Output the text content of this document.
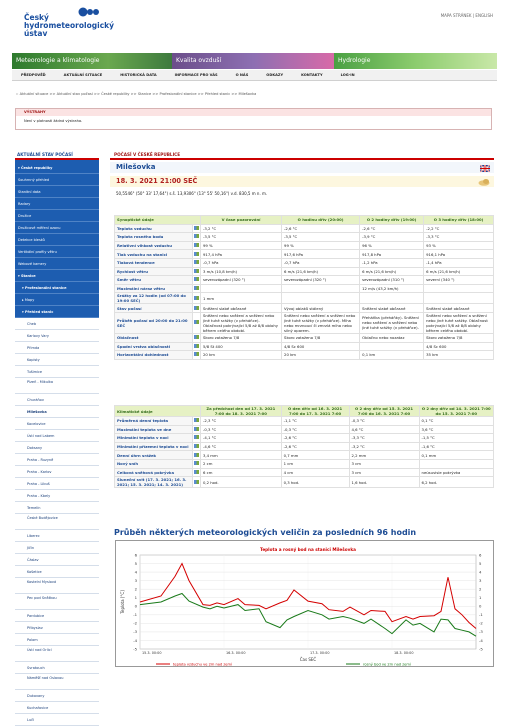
Český
hydrometeorologický
ústav
MAPA STRÁNEK | ENGLISH
Meteorologie a klimatologie	Kvalita ovzduší	Hydrologie
PŘEDPOVĚĎ	AKTUÁLNÍ SITUACE	HISTORICKÁ DATA	INFORMACE PRO VÁS	O NÁS	ODKAZY	KONTAKTY	LOG-IN
:: Aktuální situace >> Aktuální stav počasí >> České republiky >> Stanice >> Profesionální stanice >> Přehled stanic >> Milešovka
VÝSTRAHY
Není v platnosti žádná výstraha.
AKTUÁLNÍ STAV POČASÍ
▾ České republiky
Souhrnný přehled
Stanitní data
Radary
Družice
Družicové měření ozonu
Detekce blesků
Vertikální profily větru
Webové kamery
▾ Stanice
▾ Profesionální stanice
▸ Mapy
▾ Přehled stanic
Cheb
Karlovy Vary
Přimda
Kopisty
Tušimice
Plzeň - Mikulka
Churáňov
Milešovka
Kocelovice
Ústí nad Labem
Doksany
Praha - Ruzyně
Praha - Karlov
Praha - Libuš
Praha - Kbely
Temelín
České Budějovice
Liberec
Jičín
Čáslav
Košetice
Kostelní Myslová
Pec pod Sněžkou
Pardubice
Přibyslav
Polom
Ústí nad Orlicí
Svratouch
Náměšť nad Oslavou
Dukovany
Kuchařovice
Lučí
POČASÍ V ČESKÉ REPUBLICE
Milešovka
18. 3. 2021 21:00 SEČ
50,5546° (50° 33' 17,64") s.š. 13,9306° (13° 55' 50,16") v.d. 830,5 m n. m.
Synoptické údaje		V čase pozorování	O hodinu dřív (20:00)	O 2 hodiny dřív (19:00)	O 3 hodiny dřív (18:00)
Teplota vzduchu		-3,2 °C	-2,6 °C	-2,6 °C	-2,2 °C
Teplota rosného bodu		-3,5 °C	-3,5 °C	-3,9 °C	-3,3 °C
Relativní vlhkost vzduchu		99 %	99 %	96 %	93 %
Tlak vzduchu na stanici		917,4 hPa	917,6 hPa	917,8 hPa	916,1 hPa
Tlaková tendence		-0,7 hPa	-0,7 hPa	-1,2 hPa	-1,4 hPa
Rychlost větru		3 m/s (10,8 km/h)	6 m/s (21,6 km/h)	6 m/s (21,6 km/h)	6 m/s (21,6 km/h)
Směr větru		severozápadní (320 °)	severozápadní (320 °)	severozápadní (310 °)	severní (340 °)
Maximální náraz větru				12 m/s (43,2 km/h)	
Srážky za 12 hodin (od 07:00 do 19:00 SEČ)		1 mm			
Stav počasí		Sněžení slabé občasné	Vývoj oblaků stálený	Sněžení slabé občasné	Sněžení slabé občasné
Průběh počasí od 20:00 do 21:00 SEČ		Sněžení nebo sněžení a sněžení nebo jiné tuhé srážky (v přeháňce). Oblačnost pokrývající 5/8 až 8/8 oblohy během celého období.	Sněžení nebo sněžení a sněžení nebo jiné tuhé srážky (v přeháňce). Mlha nebo mrznoucí či zmrzlá mlha nebo silný oparem.	Přeháňka (přeháňky). Sněžení nebo sněžení a sněžení nebo jiné tuhé srážky (v přeháňce).	Sněžení nebo sněžení a sněžení nebo jiné tuhé srážky. Oblačnost pokrývající 5/8 až 8/8 oblohy během celého období.
Oblačnost		Skoro zataženo 7/8	Skoro zataženo 7/8	Oblačno nebo nozataz	Skoro zataženo 7/8
Spodní vrstva oblačnosti		5/8 St 400	4/8 Sc 600		4/8 Sc 600
Horizontální dohlednost		20 km	20 km	0,1 km	35 km
Klimatické údaje		Za předchozí den od 17. 3. 2021 7:00 do 18. 3. 2021 7:00	O den dřív od 16. 3. 2021 7:00 do 17. 3. 2021 7:00	O 2 dny dřív od 15. 3. 2021 7:00 do 16. 3. 2021 7:00	O 2 dny dřív od 14. 3. 2021 7:00 do 15. 3. 2021 7:00
Průměrná denní teplota		-2,3 °C	-1,1 °C	-0,3 °C	0,1 °C
Maximální teplota ve dne		-0,3 °C	-0,3 °C	4,6 °C	3,6 °C
Minimální teplota v noci		-4,1 °C	-2,6 °C	-3,3 °C	-1,5 °C
Minimální přízemní teplota v noci		-4,6 °C	-2,6 °C	-3,2 °C	-1,6 °C
Denní úhrn srážek		3,4 mm	0,7 mm	2,2 mm	0,1 mm
Nový sníh		2 cm	1 cm	3 cm	
Celková sněhová pokrývka		6 cm	4 cm	3 cm	neúsuvisle pokrývka
Sluneční svit (17. 3. 2021; 16. 3. 2021; 15. 3. 2021; 14. 3. 2021)		0,2 hod.	0,3 hod.	1,6 hod.	6,2 hod.
Průběh některých meteorologických veličin za posledních 96 hodin
6	6
5	5
4	4
3	3
2	2
1	1
0	0
-1	-1
-2	-2
-3	-3
-4	-4
-5	-5
15.3. 00:00	16.3. 00:00	17.3. 00:00	18.3. 00:00
Teplota a rosný bod na stanici Milešovka
Teplota [°C]
Čas SEČ
teplota vzduchu ve 2m nad zemí	rosný bod ve 2m nad zemí
